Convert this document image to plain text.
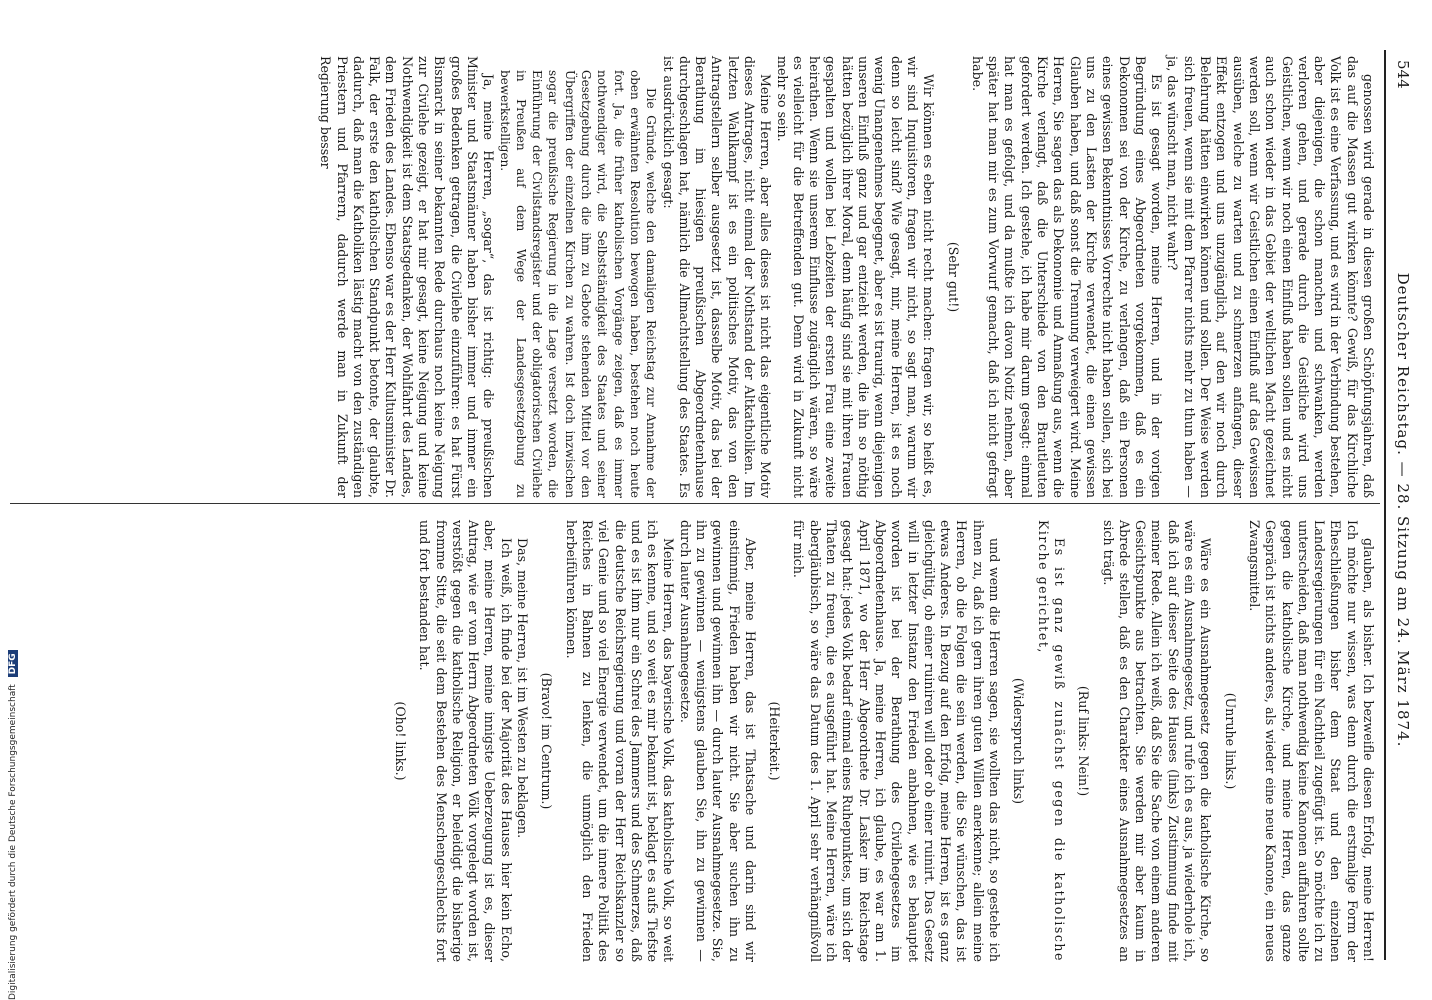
544
Deutscher Reichstag. — 28. Sitzung am 24. März 1874.

genossen wird gerade in diesen großen Schöpfungsjahren, daß das auf die Massen gut wirken könnte? Gewiß, für das Kirchliche Volk ist es eine Verfassung, und es wird in der Verbindung bestehen, aber diejenigen, die schon manchen und schwanken, werden verloren gehen, und gerade durch die Geistliche wird uns Geistlichen, wenn wir noch einen Einfluß haben sollen und es nicht auch schon wieder in das Gebiet der weltlichen Macht gezeichnet werden soll, wenn wir Geistlichen einen Einfluß auf das Gewissen ausüben, welche zu warten und zu schmerzen anfangen, dieser Effekt entzogen und uns unzugänglich, auf den wir noch durch Belehrung hätten einwirken können und sollen. Der Weise werden sich freuen, wenn sie mit dem Pfarrer nichts mehr zu thun haben — ja, das wünscht man, nicht wahr?

Es ist gesagt worden, meine Herren, und in der vorigen Begründung eines Abgeordneten vorgekommen, daß es ein Dekonomen sei von der Kirche, zu verlangen, daß ein Personen eines gewissen Bekenntnisses Vorrechte nicht haben sollen, sich bei uns zu den Lasten der Kirche verwendet, die einen gewissen Glauben haben, und daß sonst die Trennung verweigert wird. Meine Herren, Sie sagen das als Dekonomie und Anmaßung aus, wenn die Kirche verlangt, daß die Unterschiede von den Brautleuten gefordert werden. Ich gestehe, ich habe mir darum gesagt: einmal hat man es gefolgt, und da mußte ich davon Notiz nehmen, aber später hat man mir es zum Vorwurf gemacht, daß ich nicht gefragt habe.

(Sehr gut!)

Wir können es eben nicht recht machen: fragen wir, so heißt es, wir sind Inquisitoren, fragen wir nicht, so sagt man, warum wir denn so leicht sind? Wie gesagt, mir, meine Herren, ist es noch wenig Unangenehmes begegnet, aber es ist traurig, wenn diejenigen unseren Einfluß ganz und gar entzieht werden, die ihn so nöthig hätten bezüglich ihrer Moral, denn häufig sind sie mit ihren Frauen gespalten und wollen bei Lebzeiten der ersten Frau eine zweite heirathen. Wenn sie unserem Einflusse zugänglich wären, so wäre es vielleicht für die Betreffenden gut. Denn wird in Zukunft nicht mehr so sein.

Meine Herren, aber alles dieses ist nicht das eigentliche Motiv dieses Antrages, nicht einmal der Nothstand der Altkatholiken. Im letzten Wahlkampf ist es ein politisches Motiv, das von den Antragstellern selber ausgesetzt ist, dasselbe Motiv, das bei der Berathung im hiesigen preußischen Abgeordnetenhause durchgeschlagen hat, nämlich die Allmachtstellung des Staates. Es ist ausdrücklich gesagt:

Die Gründe, welche den damaligen Reichstag zur Annahme der oben erwähnten Resolution bewogen haben, bestehen noch heute fort. Ja, die früher katholischen Vorgänge zeigen, daß es immer nothwendiger wird, die Selbstständigkeit des Staates und seiner Gesetzgebung durch die ihm zu Gebote stehenden Mittel vor den Übergriffen der einzelnen Kirchen zu wahren. Ist doch inzwischen sogar die preußische Regierung in die Lage versetzt worden, die Einführung der Civilstandsregister und der obligatorischen Civilehe in Preußen auf dem Wege der Landesgesetzgebung zu bewerkstelligen.

Ja, meine Herren, „sogar“, das ist richtig: die preußischen Minister und Staatsmänner haben bisher immer und immer ein großes Bedenken getragen, die Civilehe einzuführen: es hat Fürst Bismarck in seiner bekannten Rede durchaus noch keine Neigung zur Civilehe gezeigt, er hat mir gesagt, keine Neigung und keine Nothwendigkeit ist dem Staatsgedanken, der Wohlfahrt des Landes, dem Frieden des Landes. Ebenso war es der Herr Kultusminister Dr. Falk, der erste den katholischen Standpunkt betonte, der glaubte, dadurch, daß man die Katholiken lästig macht von den zuständigen Priestern und Pfarrern, dadurch werde man in Zukunft der Regierung besser

glauben, als bisher. Ich bezweifle diesen Erfolg, meine Herren! Ich möchte nur wissen, was denn durch die erstmalige Form der Eheschließungen bisher dem Staat und den einzelnen Landesregierungen für ein Nachtheil zugefügt ist. So möchte ich zu unterscheiden, daß man nothwendig keine Kanonen auffahren sollte gegen die katholische Kirche, und meine Herren, das ganze Gespräch ist nichts anderes, als wieder eine neue Kanone, ein neues Zwangsmittel.

(Unruhe links.)

Wäre es ein Ausnahmegesetz gegen die katholische Kirche, so wäre es ein Ausnahmegesetz, und rufe ich es aus, ja wiederhole ich, daß ich auf dieser Seite des Hauses (links) Zustimmung finde mit meiner Rede. Allein ich weiß, daß Sie die Sache von einem anderen Gesichtspunkte aus betrachten. Sie werden mir aber kaum in Abrede stellen, daß es den Charakter eines Ausnahmegesetzes an sich trägt.

(Ruf links: Nein!)

Es ist ganz gewiß zunächst gegen die katholische Kirche gerichtet,

(Widerspruch links)

und wenn die Herren sagen, sie wollten das nicht, so gestehe ich ihnen zu, daß ich gern ihren guten Willen anerkenne; allein meine Herren, ob die Folgen die sein werden, die Sie wünschen, das ist etwas Anderes. In Bezug auf den Erfolg, meine Herren, ist es ganz gleichgültig, ob einer ruiniren will oder ob einer ruinirt. Das Gesetz will in letzter Instanz den Frieden anbahnen, wie es behauptet worden ist bei der Berathung des Civilehegesetzes im Abgeordnetenhause. Ja, meine Herren, ich glaube, es war am 1. April 1871, wo der Herr Abgeordnete Dr. Lasker im Reichstage gesagt hat: jedes Volk bedarf einmal eines Ruhepunktes, um sich der Thaten zu freuen, die es ausgeführt hat. Meine Herren, wäre ich abergläubisch, so wäre das Datum des 1. April sehr verhängnißvoll für mich.

(Heiterkeit.)

Aber, meine Herren, das ist Thatsache und darin sind wir einstimmig, Frieden haben wir nicht. Sie aber suchen ihn zu gewinnen und gewinnen ihn — durch lauter Ausnahmegesetze. Sie, ihn zu gewinnen — wenigstens glauben Sie, ihn zu gewinnen — durch lauter Ausnahmegesetze.

Meine Herren, das bayerische Volk, das katholische Volk, so weit ich es kenne, und so weit es mir bekannt ist, beklagt es aufs Tiefste und es ist ihm nur ein Schrei des Jammers und des Schmerzes, daß die deutsche Reichsregierung und voran der Herr Reichskanzler so viel Genie und so viel Energie verwendet, um die innere Politik des Reiches in Bahnen zu lenken, die unmöglich den Frieden herbeiführen können.

(Bravo! im Centrum.)

Das, meine Herren, ist im Westen zu beklagen.

Ich weiß, ich finde bei der Majorität des Hauses hier kein Echo, aber, meine Herren, meine innigste Ueberzeugung ist es, dieser Antrag, wie er vom Herrn Abgeordneten Völk vorgelegt worden ist, verstößt gegen die katholische Religion, er beleidigt die bisherige fromme Sitte, die seit dem Bestehen des Menschengeschlechts fort und fort bestanden hat.

(Oho! links.)

Digitalisierung gefördert durch die Deutsche Forschungsgemeinschaft DFG
